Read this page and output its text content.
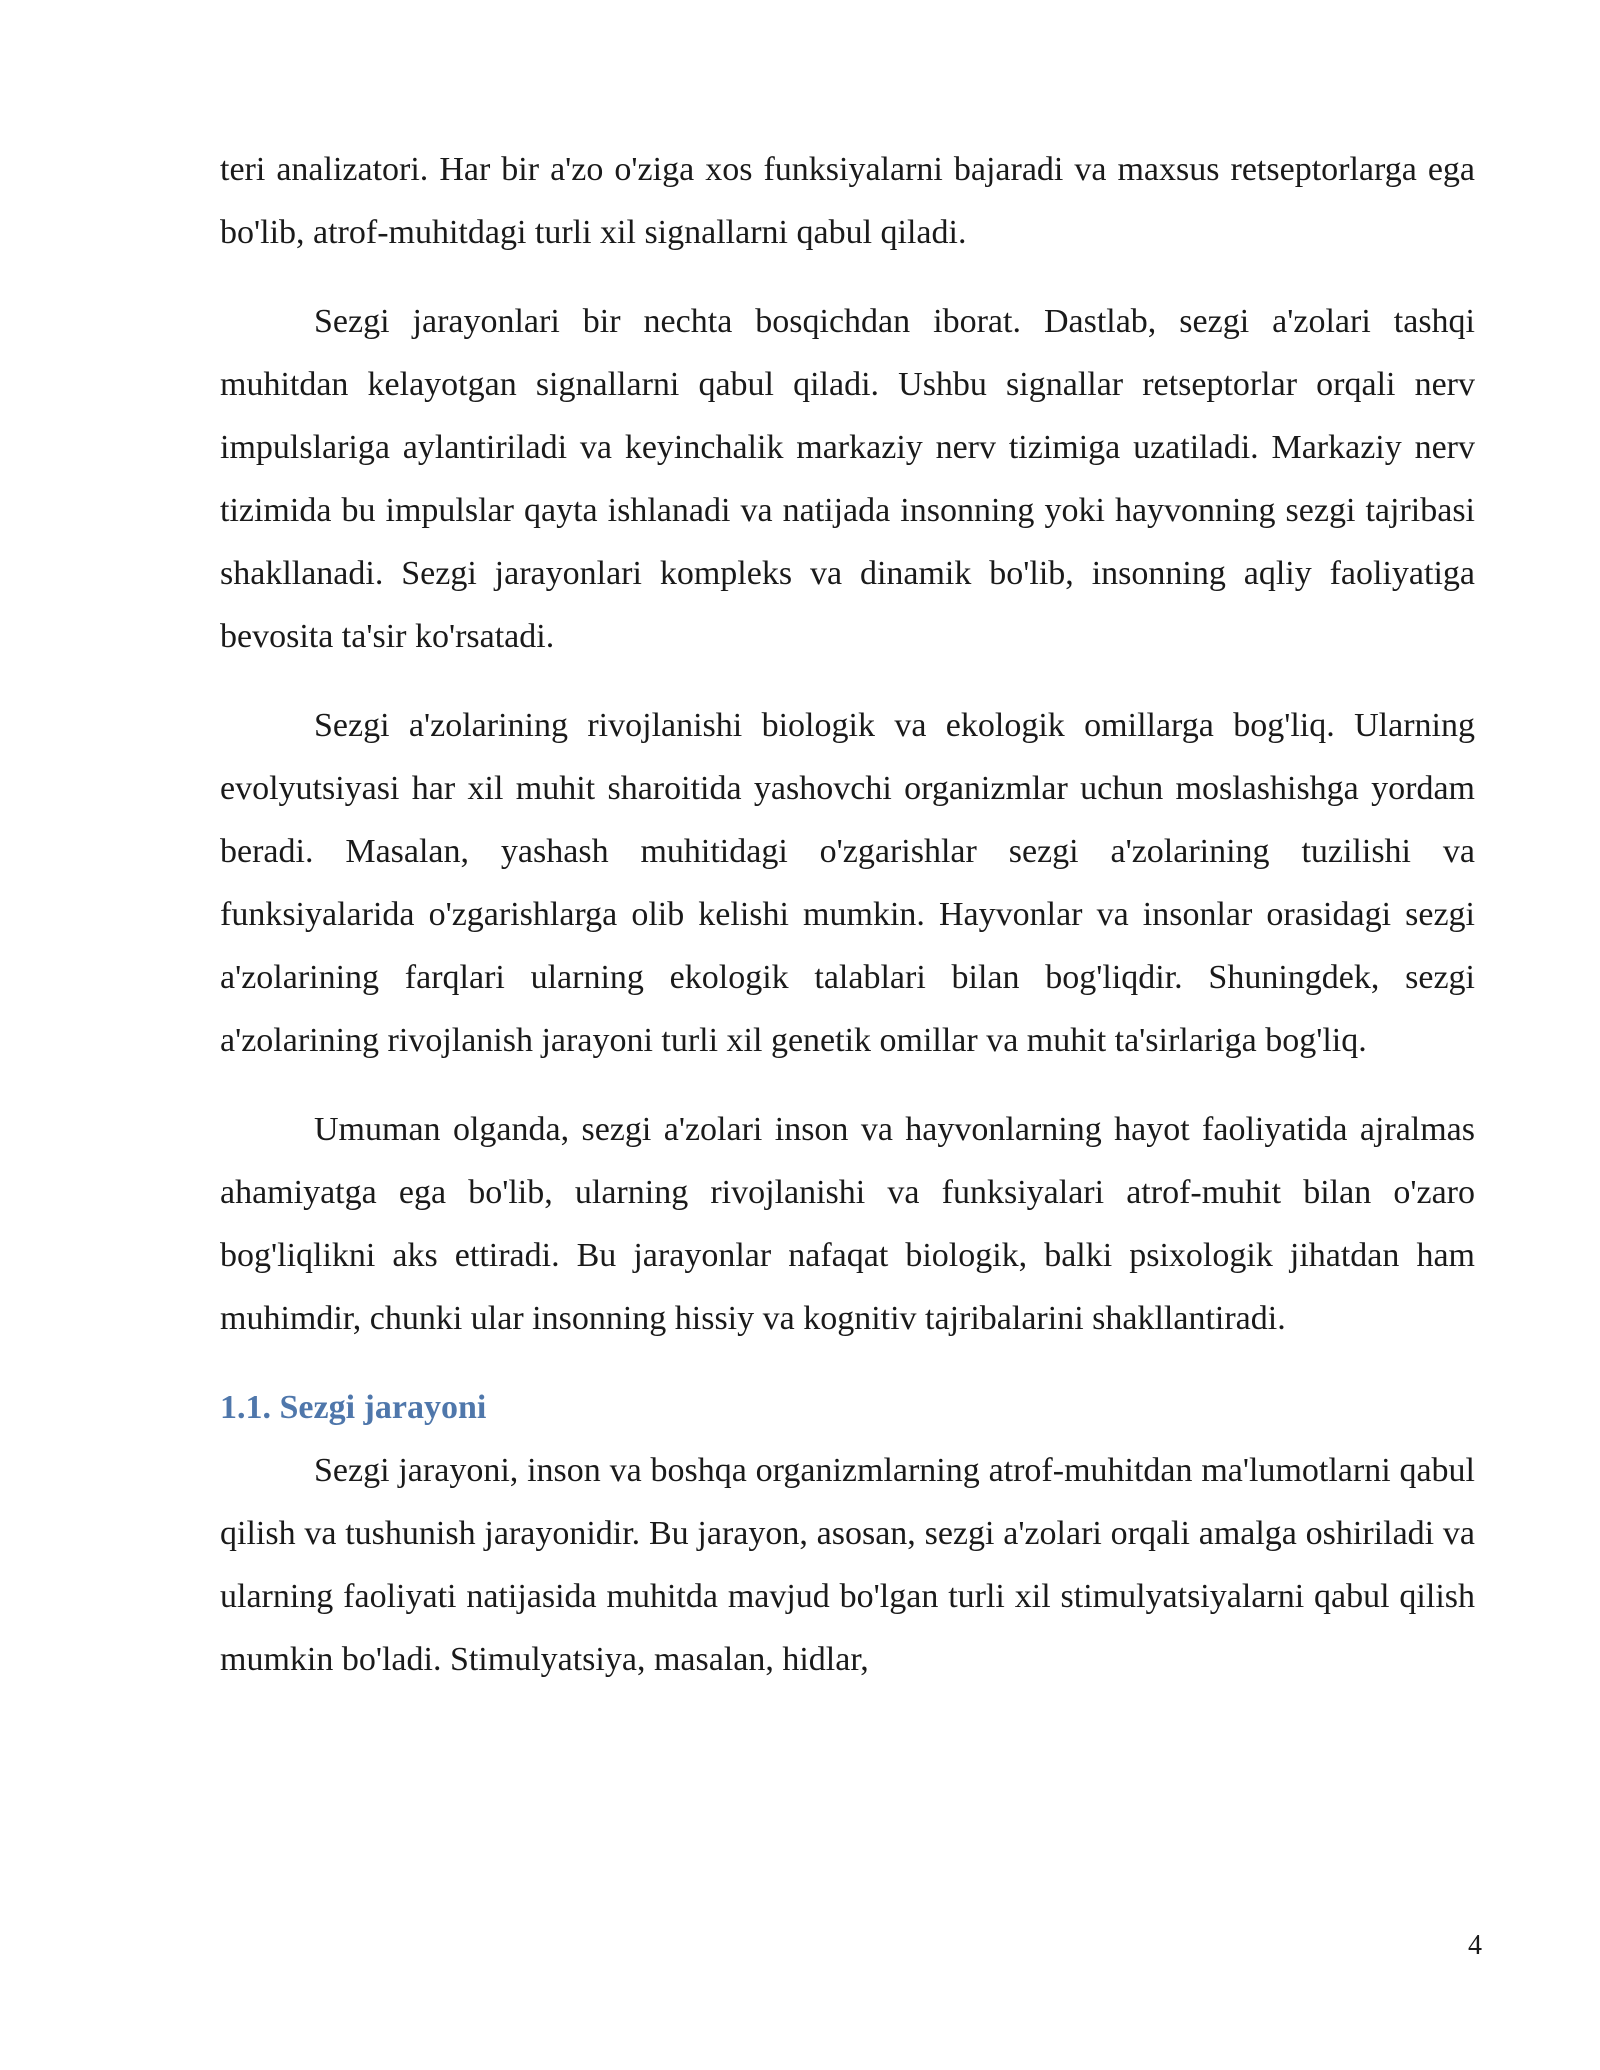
teri analizatori. Har bir a'zo o'ziga xos funksiyalarni bajaradi va maxsus retseptorlarga ega bo'lib, atrof-muhitdagi turli xil signallarni qabul qiladi.

Sezgi jarayonlari bir nechta bosqichdan iborat. Dastlab, sezgi a'zolari tashqi muhitdan kelayotgan signallarni qabul qiladi. Ushbu signallar retseptorlar orqali nerv impulslariga aylantiriladi va keyinchalik markaziy nerv tizimiga uzatiladi. Markaziy nerv tizimida bu impulslar qayta ishlanadi va natijada insonning yoki hayvonning sezgi tajribasi shakllanadi. Sezgi jarayonlari kompleks va dinamik bo'lib, insonning aqliy faoliyatiga bevosita ta'sir ko'rsatadi.

Sezgi a'zolarining rivojlanishi biologik va ekologik omillarga bog'liq. Ularning evolyutsiyasi har xil muhit sharoitida yashovchi organizmlar uchun moslashishga yordam beradi. Masalan, yashash muhitidagi o'zgarishlar sezgi a'zolarining tuzilishi va funksiyalarida o'zgarishlarga olib kelishi mumkin. Hayvonlar va insonlar orasidagi sezgi a'zolarining farqlari ularning ekologik talablari bilan bog'liqdir. Shuningdek, sezgi a'zolarining rivojlanish jarayoni turli xil genetik omillar va muhit ta'sirlariga bog'liq.

Umuman olganda, sezgi a'zolari inson va hayvonlarning hayot faoliyatida ajralmas ahamiyatga ega bo'lib, ularning rivojlanishi va funksiyalari atrof-muhit bilan o'zaro bog'liqlikni aks ettiradi. Bu jarayonlar nafaqat biologik, balki psixologik jihatdan ham muhimdir, chunki ular insonning hissiy va kognitiv tajribalarini shakllantiradi.

1.1. Sezgi jarayoni

Sezgi jarayoni, inson va boshqa organizmlarning atrof-muhitdan ma'lumotlarni qabul qilish va tushunish jarayonidir. Bu jarayon, asosan, sezgi a'zolari orqali amalga oshiriladi va ularning faoliyati natijasida muhitda mavjud bo'lgan turli xil stimulyatsiyalarni qabul qilish mumkin bo'ladi. Stimulyatsiya, masalan, hidlar,

4
